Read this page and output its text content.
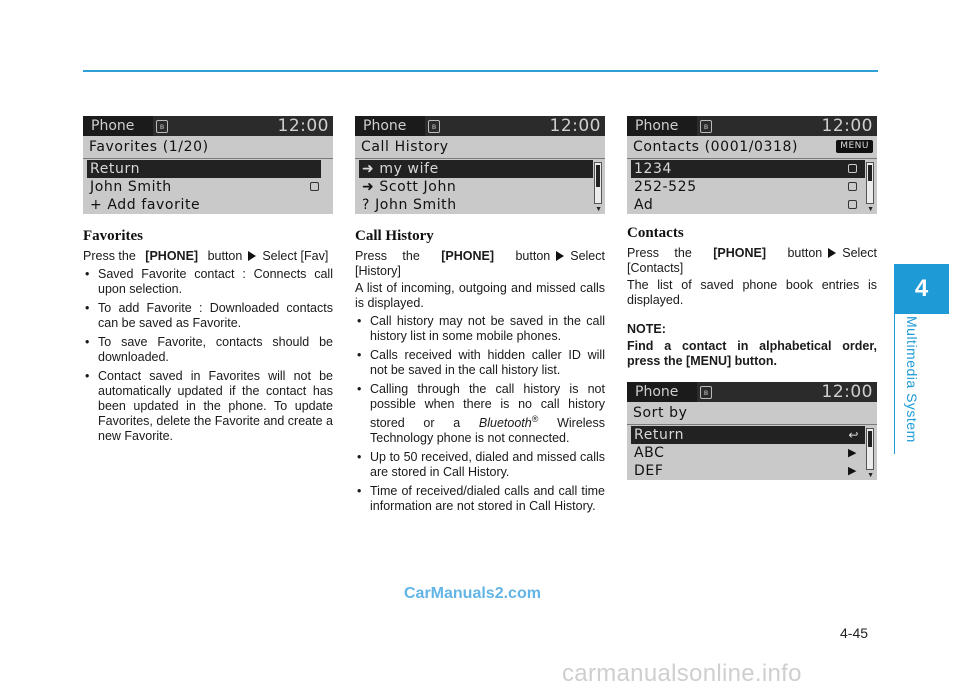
Phone	ʙ	12:00
Favorites (1/20)
Return
John Smith
+ Add favorite
Favorites
Press the [PHONE] button Select [Fav]
• Saved Favorite contact : Connects call upon selection.
• To add Favorite : Downloaded contacts can be saved as Favorite.
• To save Favorite, contacts should be downloaded.
• Contact saved in Favorites will not be automatically updated if the contact has been updated in the phone. To update Favorites, delete the Favorite and create a new Favorite.
Phone	ʙ	12:00
Call History
➜ my wife
➜ Scott John
? John Smith	▼
Call History
Press the [PHONE] button Select [History]
A list of incoming, outgoing and missed calls is displayed.
• Call history may not be saved in the call history list in some mobile phones.
• Calls received with hidden caller ID will not be saved in the call history list.
• Calling through the call history is not possible when there is no call history stored or a Bluetooth® Wireless Technology phone is not connected.
• Up to 50 received, dialed and missed calls are stored in Call History.
• Time of received/dialed calls and call time information are not stored in Call History.
Phone	ʙ	12:00
Contacts (0001/0318)	MENU
1234
252-525
Ad	▼
Contacts
Press the [PHONE] button Select [Contacts]
The list of saved phone book entries is displayed.
NOTE:
Find a contact in alphabetical order, press the [MENU] button.
Phone	ʙ	12:00
Sort by
Return	↩
ABC	▶
DEF	▶ ▼
4
Multimedia System
4-45
CarManuals2.com
carmanualsonline.info
